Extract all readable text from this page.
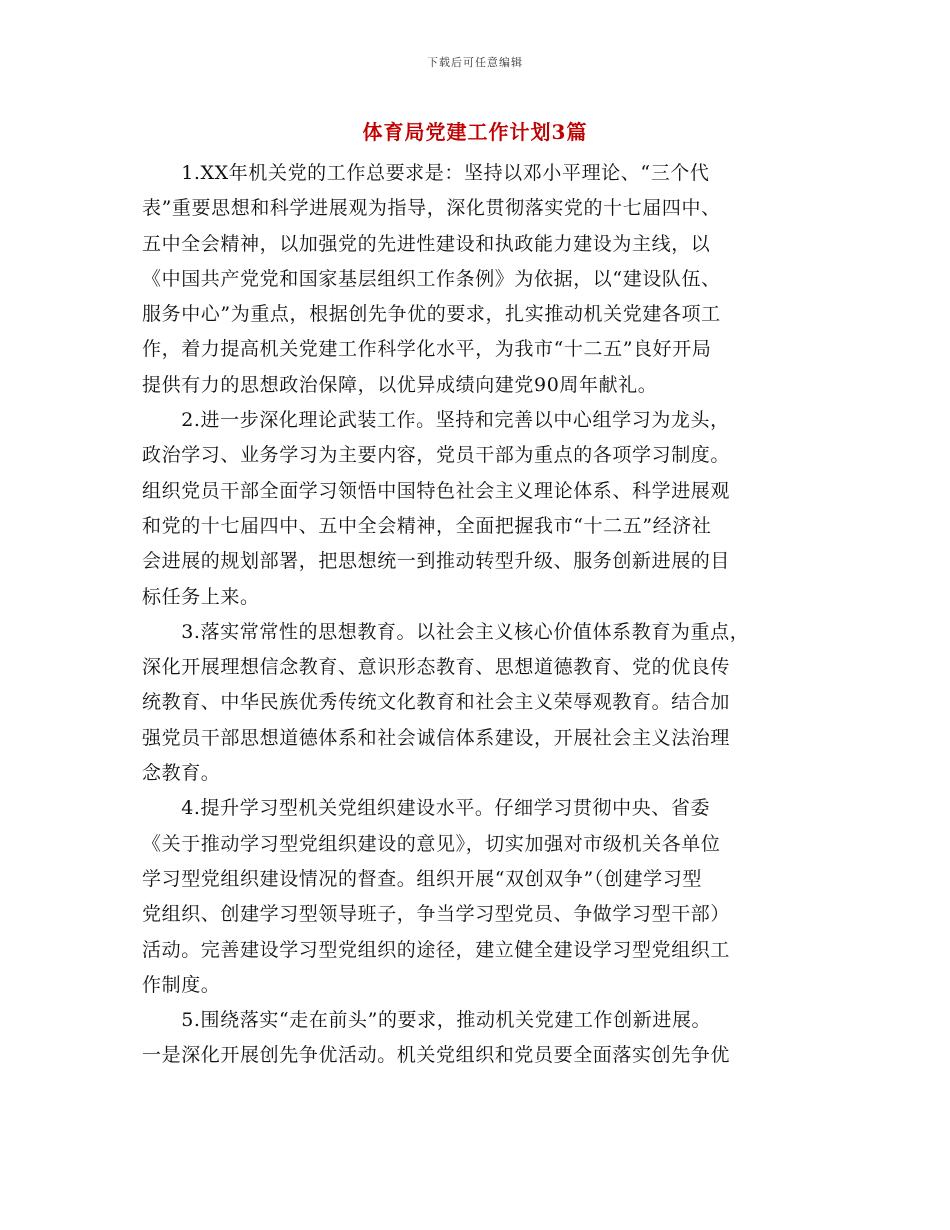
下载后可任意编辑
体育局党建工作计划3篇

　　1.XX年机关党的工作总要求是：坚持以邓小平理论、“三个代
表”重要思想和科学进展观为指导，深化贯彻落实党的十七届四中、
五中全会精神，以加强党的先进性建设和执政能力建设为主线，以
《中国共产党党和国家基层组织工作条例》为依据，以“建设队伍、
服务中心”为重点，根据创先争优的要求，扎实推动机关党建各项工
作，着力提高机关党建工作科学化水平，为我市“十二五”良好开局
提供有力的思想政治保障，以优异成绩向建党90周年献礼。

　　2.进一步深化理论武装工作。坚持和完善以中心组学习为龙头，
政治学习、业务学习为主要内容，党员干部为重点的各项学习制度。
组织党员干部全面学习领悟中国特色社会主义理论体系、科学进展观
和党的十七届四中、五中全会精神，全面把握我市“十二五”经济社
会进展的规划部署，把思想统一到推动转型升级、服务创新进展的目
标任务上来。

　　3.落实常常性的思想教育。以社会主义核心价值体系教育为重点，
深化开展理想信念教育、意识形态教育、思想道德教育、党的优良传
统教育、中华民族优秀传统文化教育和社会主义荣辱观教育。结合加
强党员干部思想道德体系和社会诚信体系建设，开展社会主义法治理
念教育。

　　4.提升学习型机关党组织建设水平。仔细学习贯彻中央、省委
《关于推动学习型党组织建设的意见》，切实加强对市级机关各单位
学习型党组织建设情况的督查。组织开展“双创双争”（创建学习型
党组织、创建学习型领导班子，争当学习型党员、争做学习型干部）
活动。完善建设学习型党组织的途径，建立健全建设学习型党组织工
作制度。

　　5.围绕落实“走在前头”的要求，推动机关党建工作创新进展。
一是深化开展创先争优活动。机关党组织和党员要全面落实创先争优
